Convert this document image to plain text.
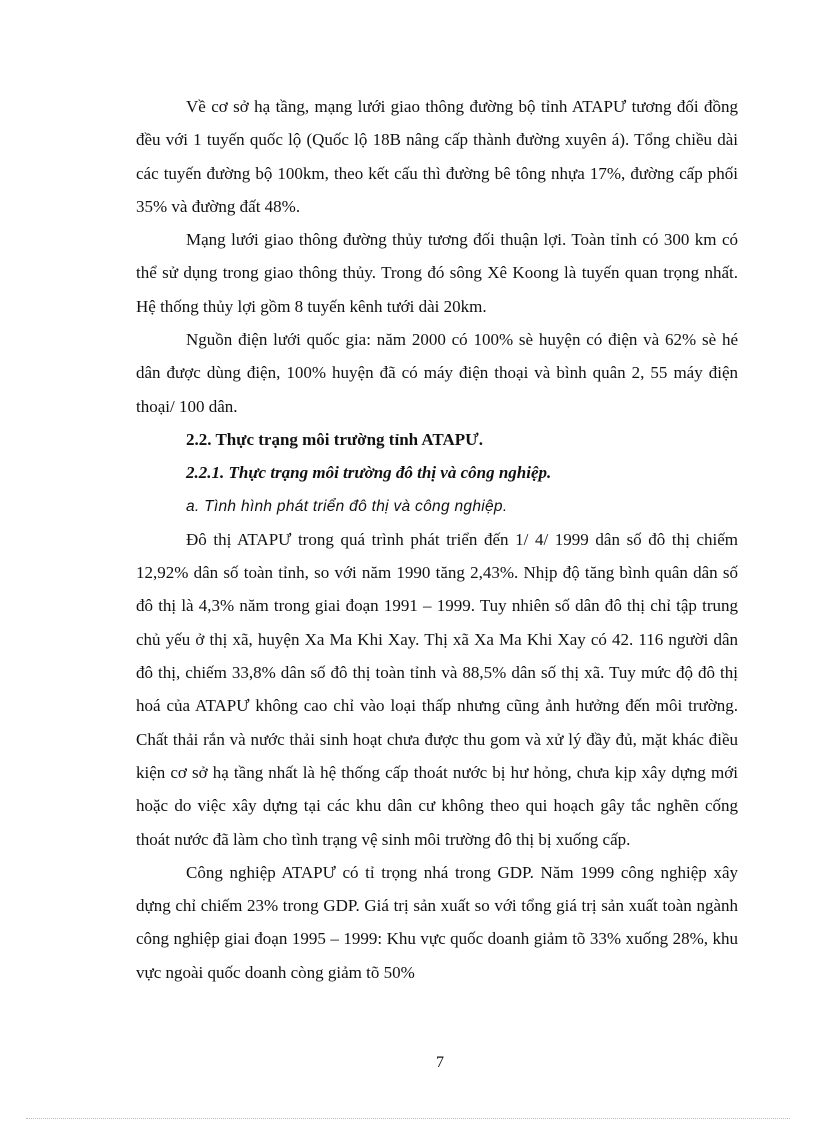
Về cơ sở hạ tầng, mạng lưới giao thông đường bộ tỉnh ATAPƯ tương đối đồng đều với 1 tuyến quốc lộ (Quốc lộ 18B nâng cấp thành đường xuyên á). Tổng chiều dài các tuyến đường bộ 100km, theo kết cấu thì đường bê tông nhựa 17%, đường cấp phối 35% và đường đất 48%.

Mạng lưới giao thông đường thủy tương đối thuận lợi. Toàn tỉnh có 300 km có thể sử dụng trong giao thông thủy. Trong đó sông Xê Koong là tuyến quan trọng nhất. Hệ thống thủy lợi gồm 8 tuyến kênh tưới dài 20km.

Nguồn điện lưới quốc gia: năm 2000 có 100% sè huyện có điện và 62% sè hé dân được dùng điện, 100% huyện đã có máy điện thoại và bình quân 2, 55 máy điện thoại/ 100 dân.

2.2. Thực trạng môi trường tỉnh ATAPƯ.

2.2.1. Thực trạng môi trường đô thị và công nghiệp.

a. Tình hình phát triển đô thị và công nghiệp.

Đô thị ATAPƯ trong quá trình phát triển đến 1/ 4/ 1999 dân số đô thị chiếm 12,92% dân số toàn tỉnh, so với năm 1990 tăng 2,43%. Nhịp độ tăng bình quân dân số đô thị là 4,3% năm trong giai đoạn 1991 – 1999. Tuy nhiên số dân đô thị chỉ tập trung chủ yếu ở thị xã, huyện Xa Ma Khi Xay. Thị xã Xa Ma Khi Xay có 42. 116 người dân đô thị, chiếm 33,8% dân số đô thị toàn tỉnh và 88,5% dân số thị xã. Tuy mức độ đô thị hoá của ATAPƯ không cao chỉ vào loại thấp nhưng cũng ảnh hưởng đến môi trường. Chất thải rắn và nước thải sinh hoạt chưa được thu gom và xử lý đầy đủ, mặt khác điều kiện cơ sở hạ tầng nhất là hệ thống cấp thoát nước bị hư hỏng, chưa kịp xây dựng mới hoặc do việc xây dựng tại các khu dân cư không theo qui hoạch gây tắc nghẽn cống thoát nước đã làm cho tình trạng vệ sinh môi trường đô thị bị xuống cấp.

Công nghiệp ATAPƯ có tỉ trọng nhá trong GDP. Năm 1999 công nghiệp xây dựng chỉ chiếm 23% trong GDP. Giá trị sản xuất so với tổng giá trị sản xuất toàn ngành công nghiệp giai đoạn 1995 – 1999: Khu vực quốc doanh giảm tõ 33% xuống 28%, khu vực ngoài quốc doanh còng giảm tõ 50%

7
